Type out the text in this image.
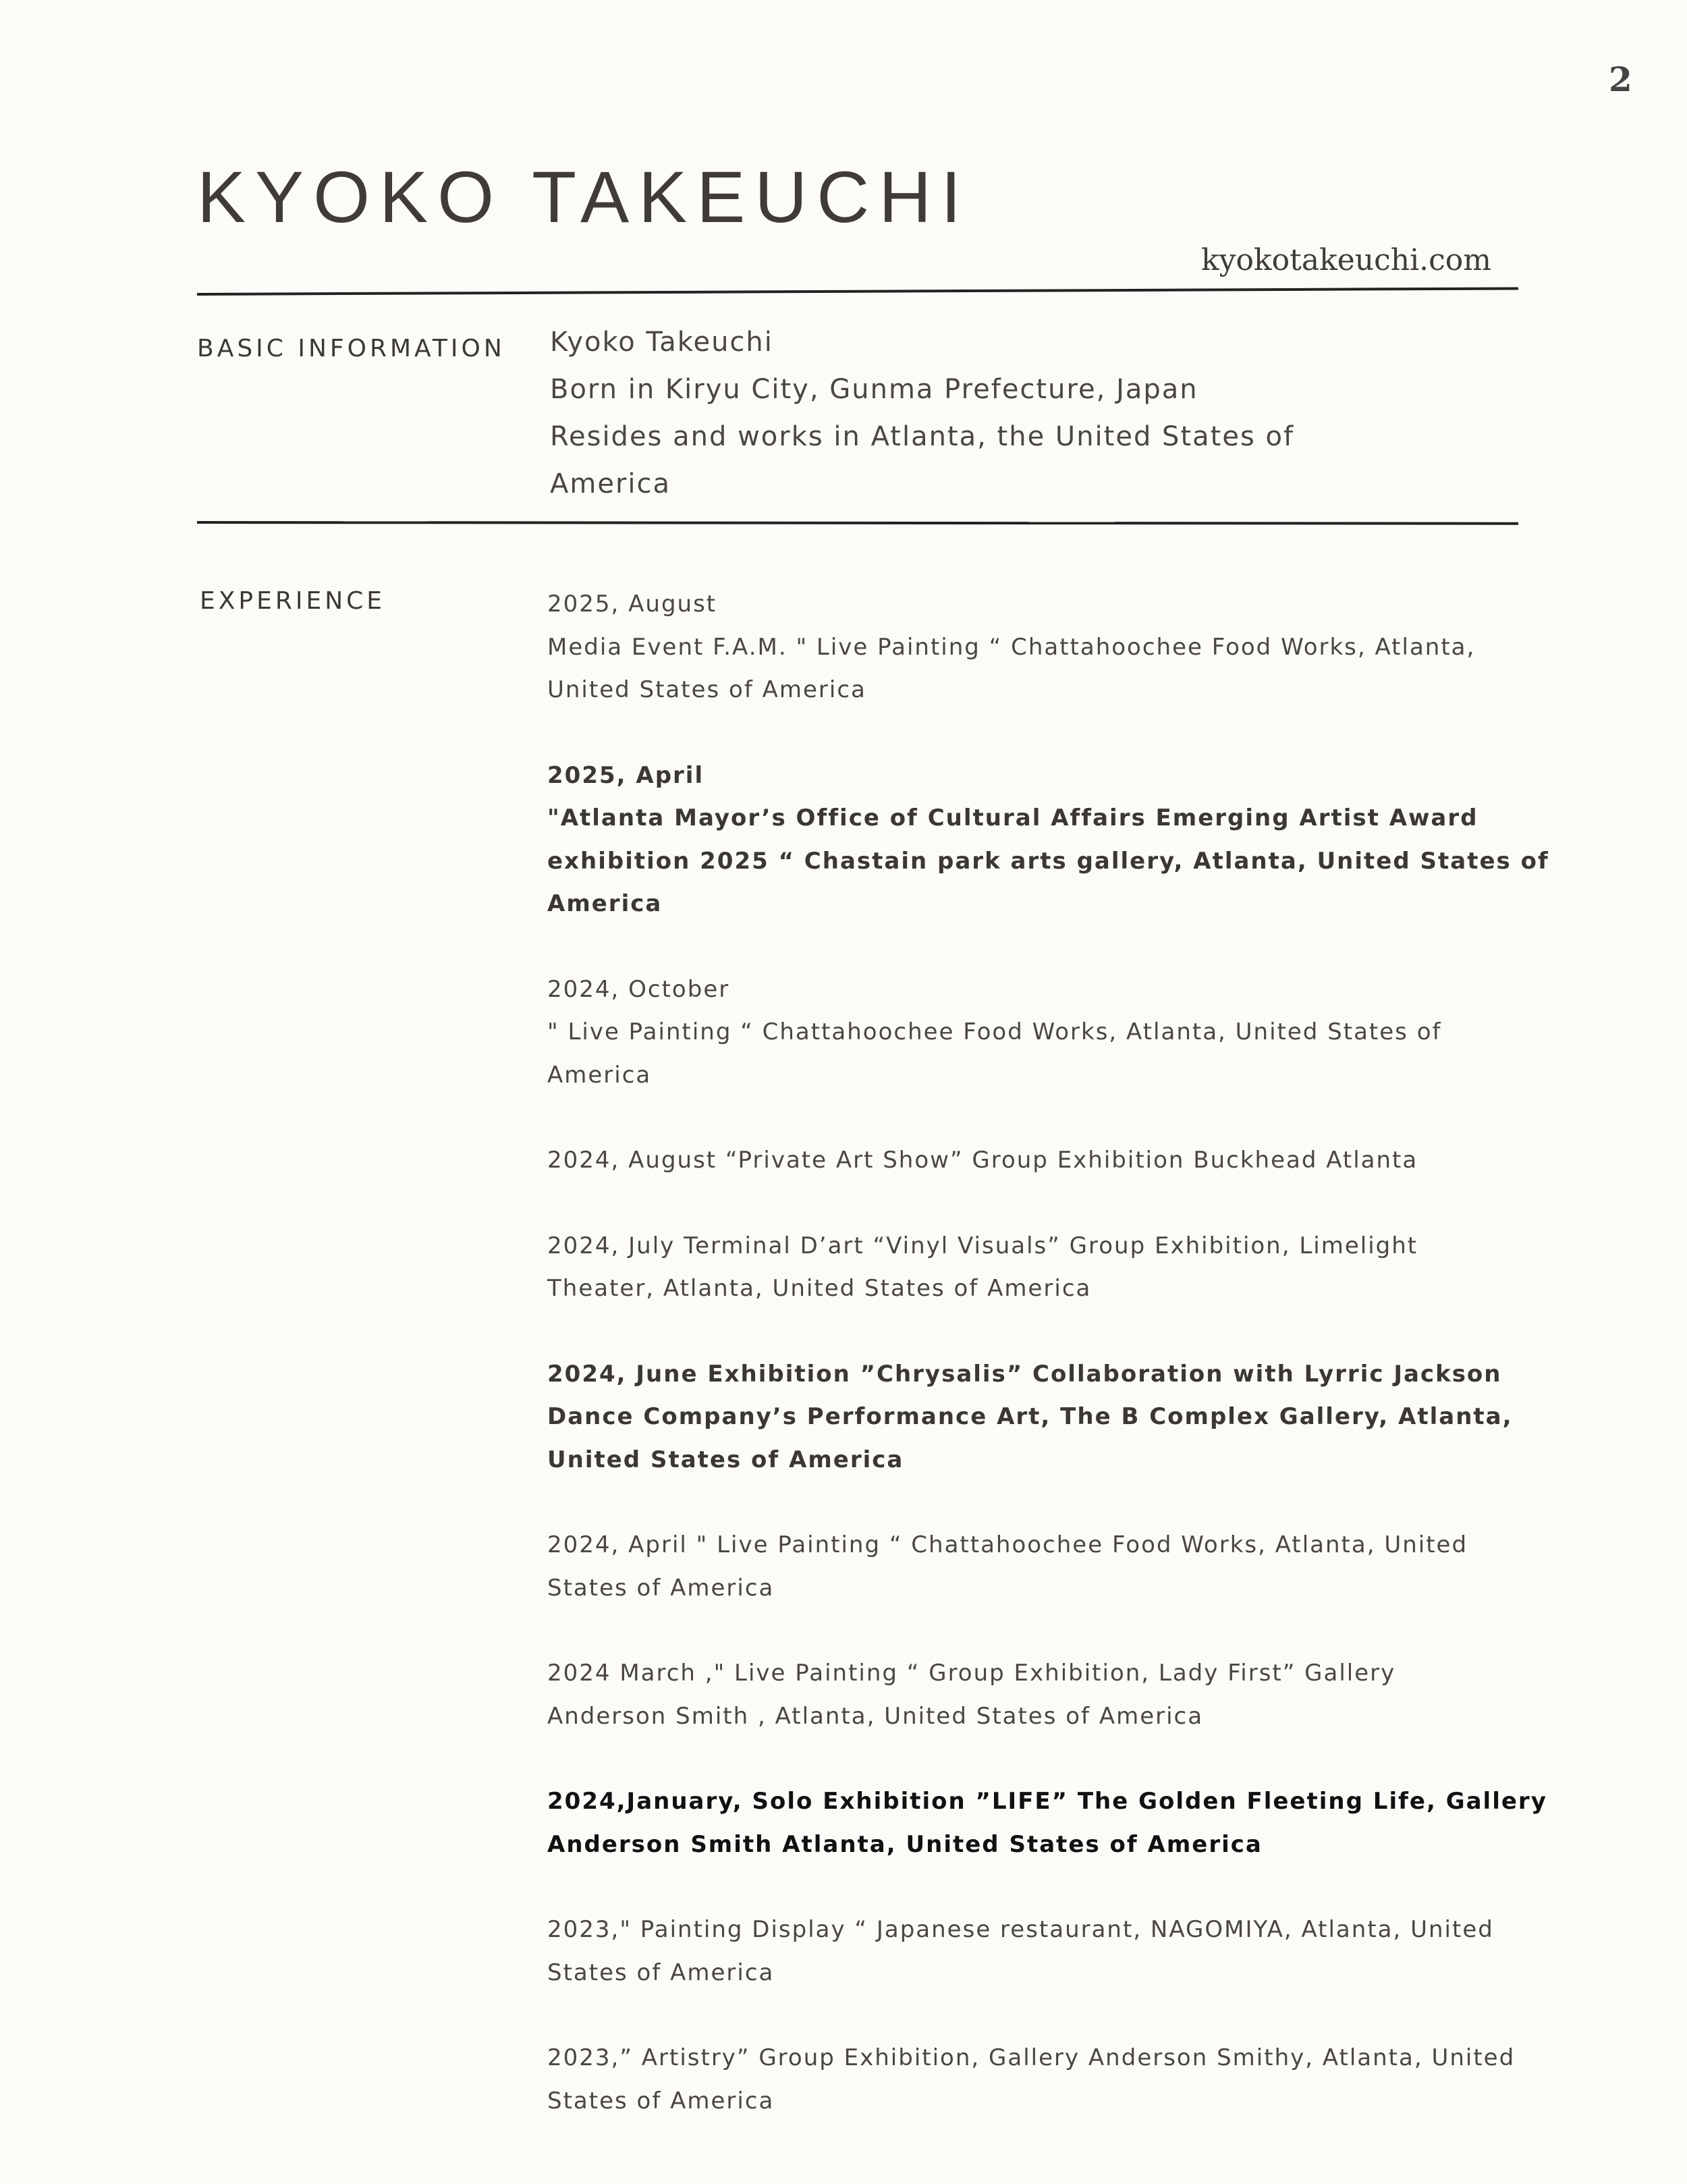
2
KYOKO TAKEUCHI
kyokotakeuchi.com
BASIC INFORMATION Kyoko Takeuchi
Born in Kiryu City, Gunma Prefecture, Japan
Resides and works in Atlanta, the United States of
America
EXPERIENCE	2025, August
Media Event F.A.M. " Live Painting “ Chattahoochee Food Works, Atlanta,
United States of America
2025, April
"Atlanta Mayor’s Office of Cultural Affairs Emerging Artist Award
exhibition 2025 “ Chastain park arts gallery, Atlanta, United States of
America
2024, October
" Live Painting “ Chattahoochee Food Works, Atlanta, United States of
America
2024, August “Private Art Show” Group Exhibition Buckhead Atlanta
2024, July Terminal D’art “Vinyl Visuals” Group Exhibition, Limelight
Theater, Atlanta, United States of America
2024, June Exhibition ”Chrysalis” Collaboration with Lyrric Jackson
Dance Company’s Performance Art, The B Complex Gallery, Atlanta,
United States of America
2024, April " Live Painting “ Chattahoochee Food Works, Atlanta, United
States of America
2024 March ," Live Painting “ Group Exhibition, Lady First” Gallery
Anderson Smith , Atlanta, United States of America
2024,January, Solo Exhibition ”LIFE” The Golden Fleeting Life, Gallery
Anderson Smith Atlanta, United States of America
2023," Painting Display “ Japanese restaurant, NAGOMIYA, Atlanta, United
States of America
2023,” Artistry” Group Exhibition, Gallery Anderson Smithy, Atlanta, United
States of America
